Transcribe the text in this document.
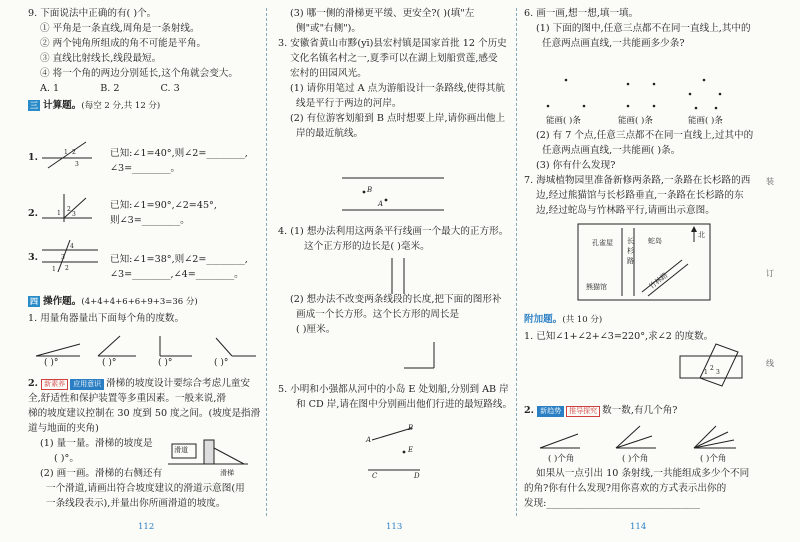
9. 下面说法中正确的有( )个。
① 平角是一条直线,周角是一条射线。
② 两个钝角所组成的角不可能是平角。
③ 直线比射线长,线段最短。
④ 将一个角的两边分别延长,这个角就会变大。
A. 1	B. 2	C. 3
三 计算题。(每空 2 分,共 12 分)
1.	1 2
3
已知:∠1=40°,则∠2=________,
∠3=________。
2.	1
2
3
已知:∠1=90°,∠2=45°,
则∠3=________。
3.
4
3
2
1
已知:∠1=38°,则∠2=________,
∠3=________,∠4=________。
四 操作题。(4+4+4+6+6+9+3=36 分)
1. 用量角器量出下面每个角的度数。
( )°	( )°	( )°	( )°
2. 新素养 应用意识 滑梯的坡度设计要综合考虑儿童安
全,舒适性和保护装置等多重因素。一般来说,滑
梯的坡度建议控制在 30 度到 50 度之间。(坡度是指滑
道与地面的夹角)
(1) 量一量。滑梯的坡度是
( )°。
(2) 画一画。滑梯的右侧还有
一个滑道,请画出符合坡度建议的滑道示意图(用
一条线段表示),并量出你所画滑道的坡度。
滑道
滑梯
112
(3) 哪一侧的滑梯更平缓、更安全?( )(填"左
侧"或"右侧")。
3. 安徽省黄山市黟(yī)县宏村镇是国家首批 12 个历史
文化名镇名村之一,夏季可以在湖上划船赏莲,感受
宏村的田园风光。
(1) 请你用笔过 A 点为游船设计一条路线,使得其航
线是平行于两边的河岸。
(2) 有位游客划船到 B 点时想要上岸,请你画出他上
岸的最近航线。
B
A
4. (1) 想办法利用这两条平行线画一个最大的正方形。
这个正方形的边长是( )毫米。
(2) 想办法不改变两条线段的长度,把下面的图形补
画成一个长方形。这个长方形的周长是
( )厘米。
5. 小明和小强都从河中的小岛 E 处划船,分别到 AB 岸
和 CD 岸,请在图中分别画出他们行进的最短路线。
A
B
E
C	D
113
6. 画一画,想一想,填一填。
(1) 下面的图中,任意三点都不在同一直线上,其中的
任意两点画直线,一共能画多少条?
能画( )条	能画( )条	能画( )条
(2) 有 7 个点,任意三点都不在同一直线上,过其中的
任意两点画直线,一共能画( )条。
(3) 你有什么发现?
7. 海城植物园里准备新修两条路,一条路在长杉路的西
边,经过熊猫馆与长杉路垂直,一条路在长杉路的东
边,经过蛇岛与竹林路平行,请画出示意图。
孔雀屋	蛇岛
北
长杉路
熊猫馆	竹林路
附加题。(共 10 分)
1. 已知∠1+∠2+∠3=220°,求∠2 的度数。
1
2
3
2. 新趋势 推导探究 数一数,有几个角?
( )个角	( )个角	( )个角
如果从一点引出 10 条射线,一共能组成多少个不同
的角?你有什么发现?用你喜欢的方式表示出你的
发现:________________________________
装
订
线
114
